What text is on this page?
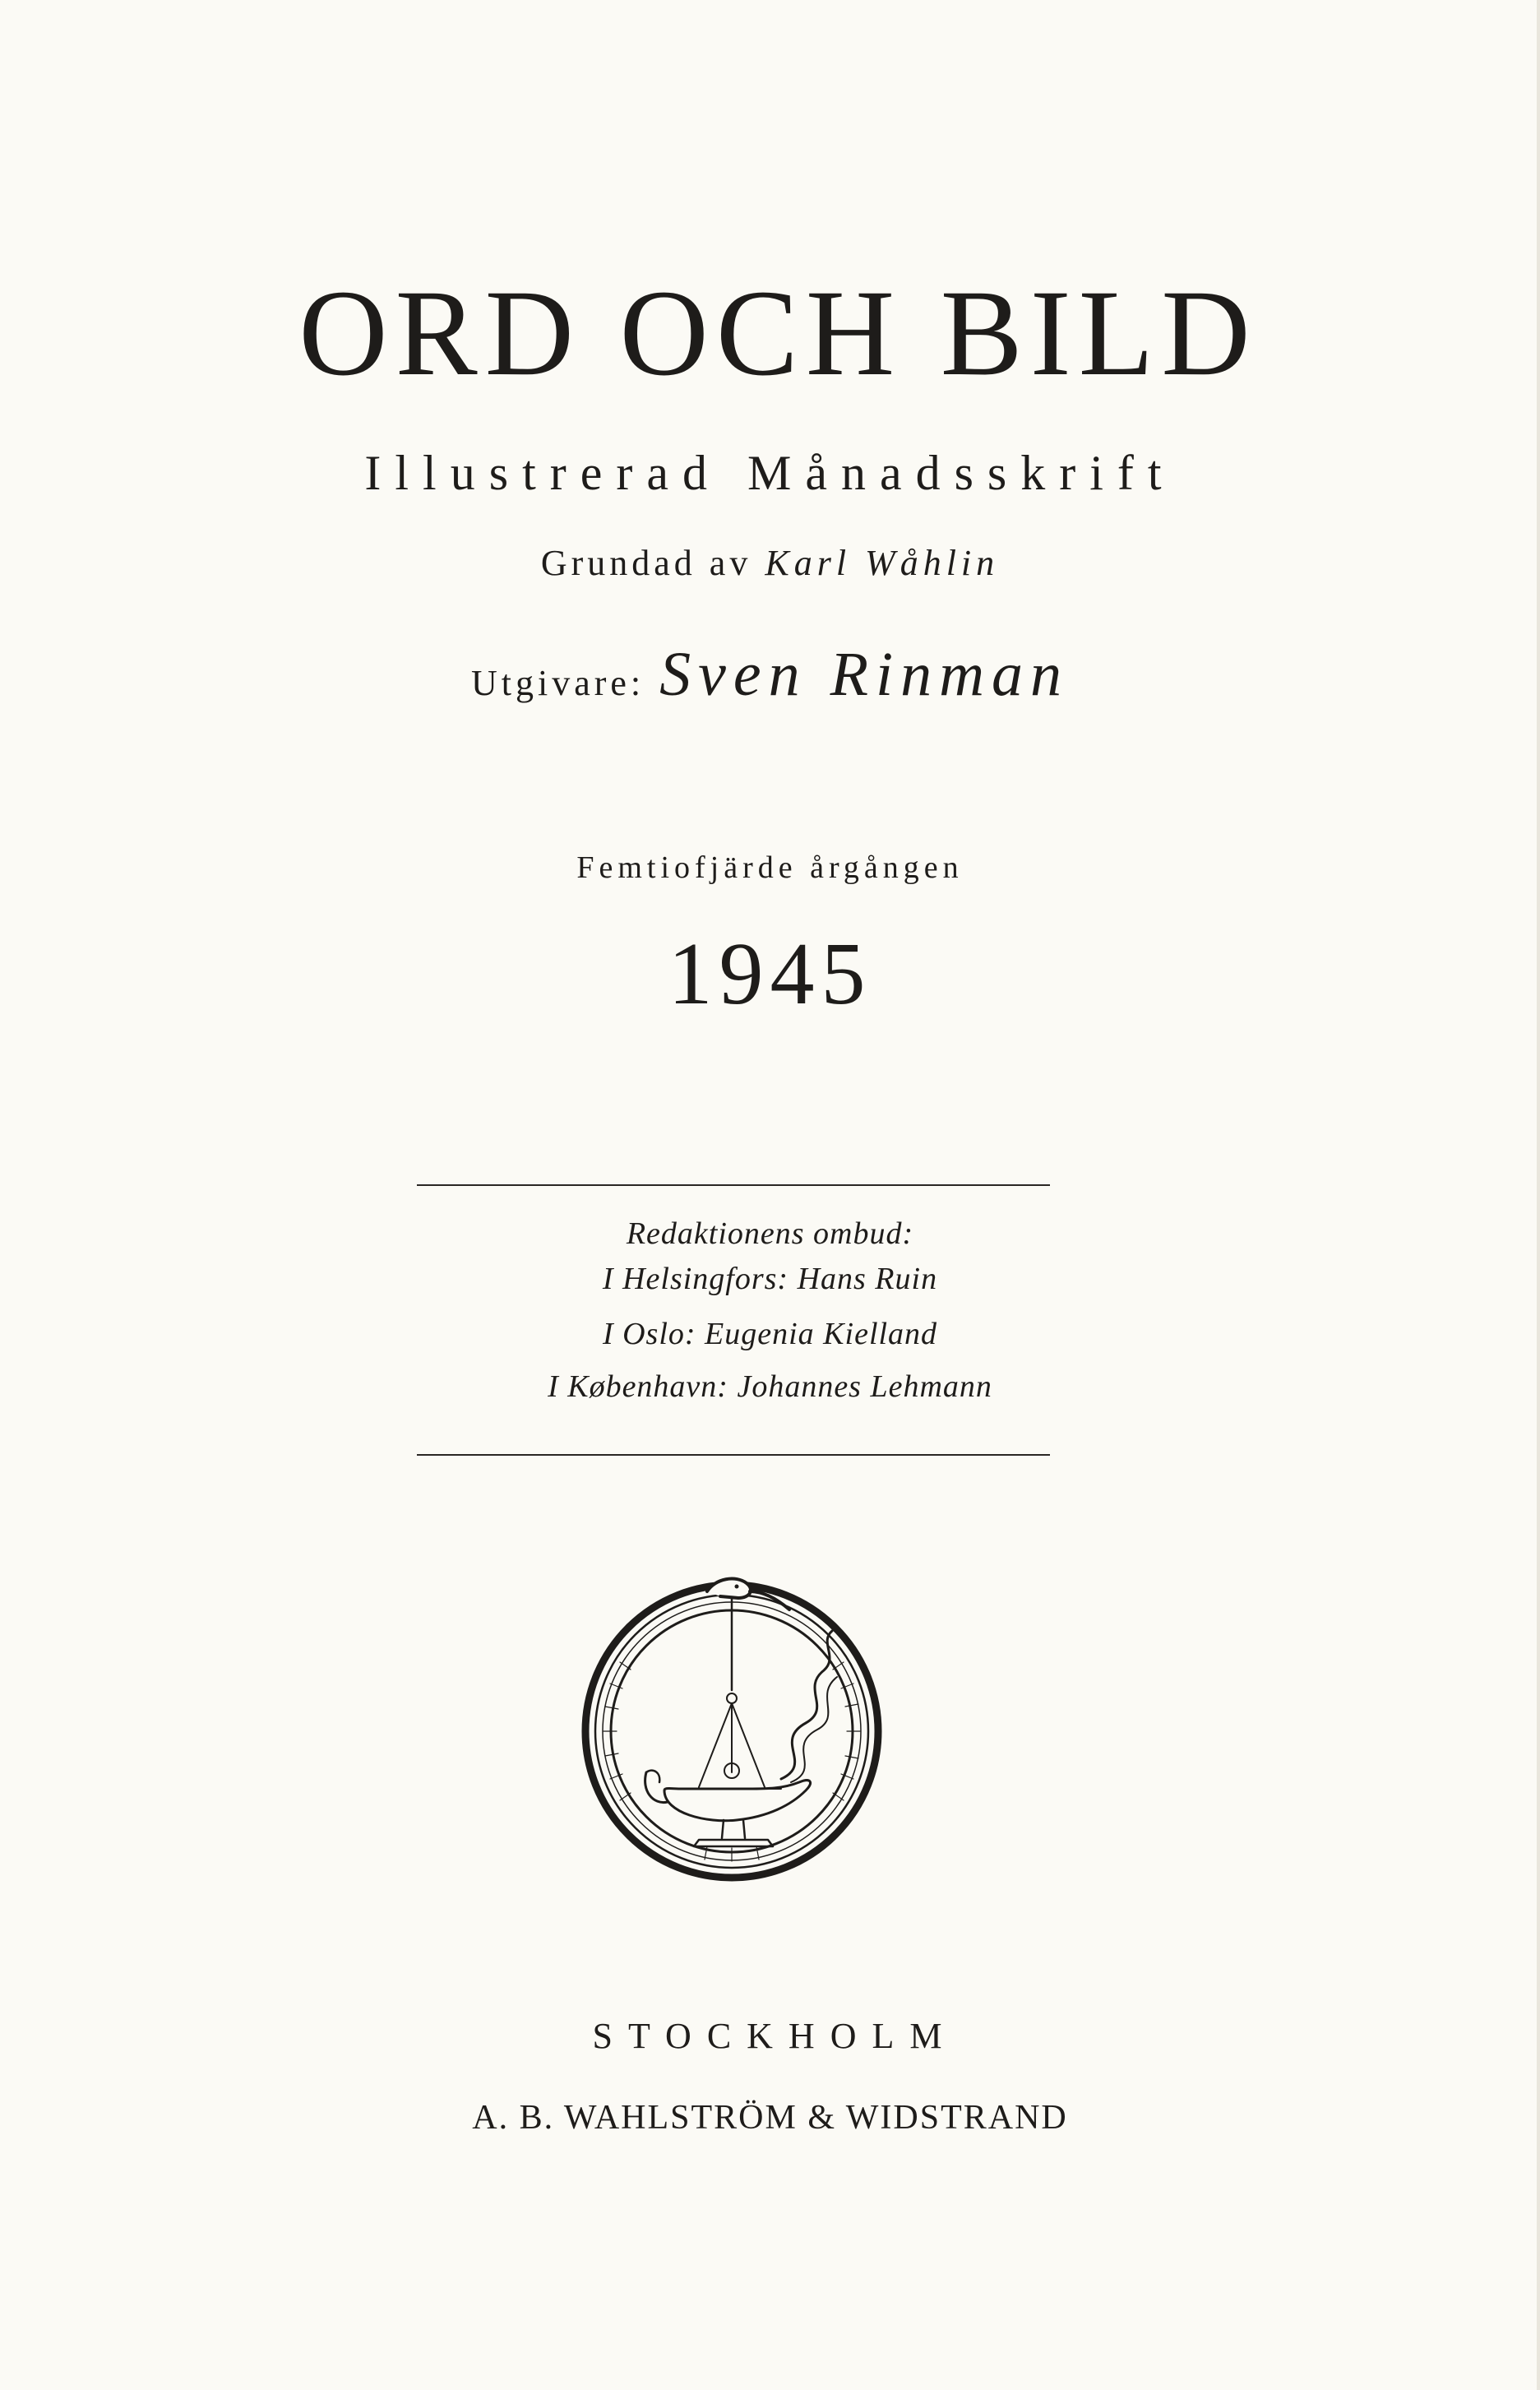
ORD OCH BILD
Illustrerad Månadsskrift
Grundad av Karl Wåhlin
Utgivare: Sven Rinman
Femtiofjärde årgången
1945
Redaktionens ombud:
I Helsingfors: Hans Ruin
I Oslo: Eugenia Kielland
I København: Johannes Lehmann
STOCKHOLM
A. B. WAHLSTRÖM & WIDSTRAND
